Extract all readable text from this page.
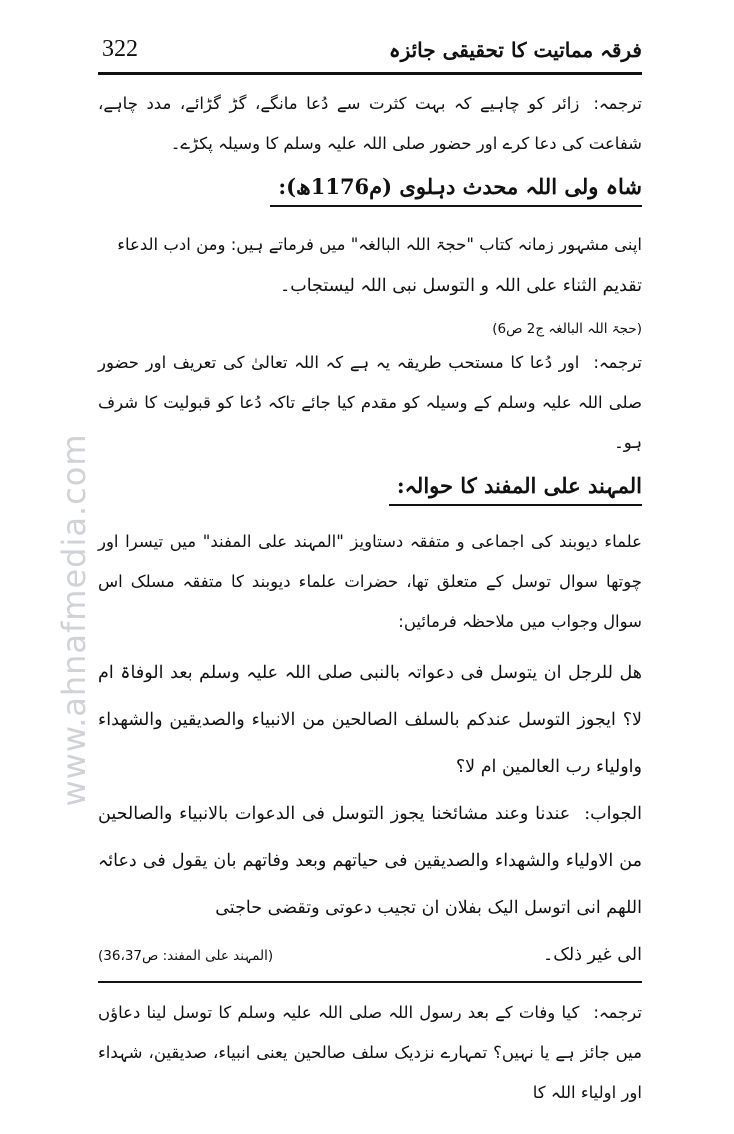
www.ahnafmedia.com
فرقہ مماتیت کا تحقیقی جائزہ
322

ترجمہ:زائر کو چاہیے کہ بہت کثرت سے دُعا مانگے، گڑ گڑائے، مدد چاہے، شفاعت کی دعا کرے اور حضور صلی اللہ علیہ وسلم کا وسیلہ پکڑے۔

شاہ ولی اللہ محدث دہلوی (م1176ھ):

اپنی مشہور زمانہ کتاب "حجۃ اللہ البالغہ" میں فرماتے ہیں: ومن ادب الدعاء

تقدیم الثناء علی اللہ و التوسل نبی اللہ لیستجاب۔

(حجۃ اللہ البالغہ ج2 ص6)

ترجمہ:اور دُعا کا مستحب طریقہ یہ ہے کہ اللہ تعالیٰ کی تعریف اور حضور صلی اللہ علیہ وسلم کے وسیلہ کو مقدم کیا جائے تاکہ دُعا کو قبولیت کا شرف ہو۔

المہند علی المفند کا حوالہ:

علماء دیوبند کی اجماعی و متفقہ دستاویز "المہند علی المفند" میں تیسرا اور چوتھا سوال توسل کے متعلق تھا، حضرات علماء دیوبند کا متفقہ مسلک اس سوال وجواب میں ملاحظہ فرمائیں:

ھل للرجل ان یتوسل فی دعواتہ بالنبی صلی اللہ علیہ وسلم بعد الوفاۃ ام لا؟ ایجوز التوسل عندکم بالسلف الصالحین من الانبیاء والصدیقین والشھداء واولیاء رب العالمین ام لا؟

الجواب:عندنا وعند مشائخنا یجوز التوسل فی الدعوات بالانبیاء والصالحین من الاولیاء والشھداء والصدیقین فی حیاتھم وبعد وفاتھم بان یقول فی دعائہ اللھم انی اتوسل الیک بفلان ان تجیب دعوتی وتقضی حاجتی

الی غیر ذلک۔
(المہند علی المفند: ص36،37)

ترجمہ:کیا وفات کے بعد رسول اللہ صلی اللہ علیہ وسلم کا توسل لینا دعاؤں میں جائز ہے یا نہیں؟ تمہارے نزدیک سلف صالحین یعنی انبیاء، صدیقین، شہداء اور اولیاء اللہ کا
